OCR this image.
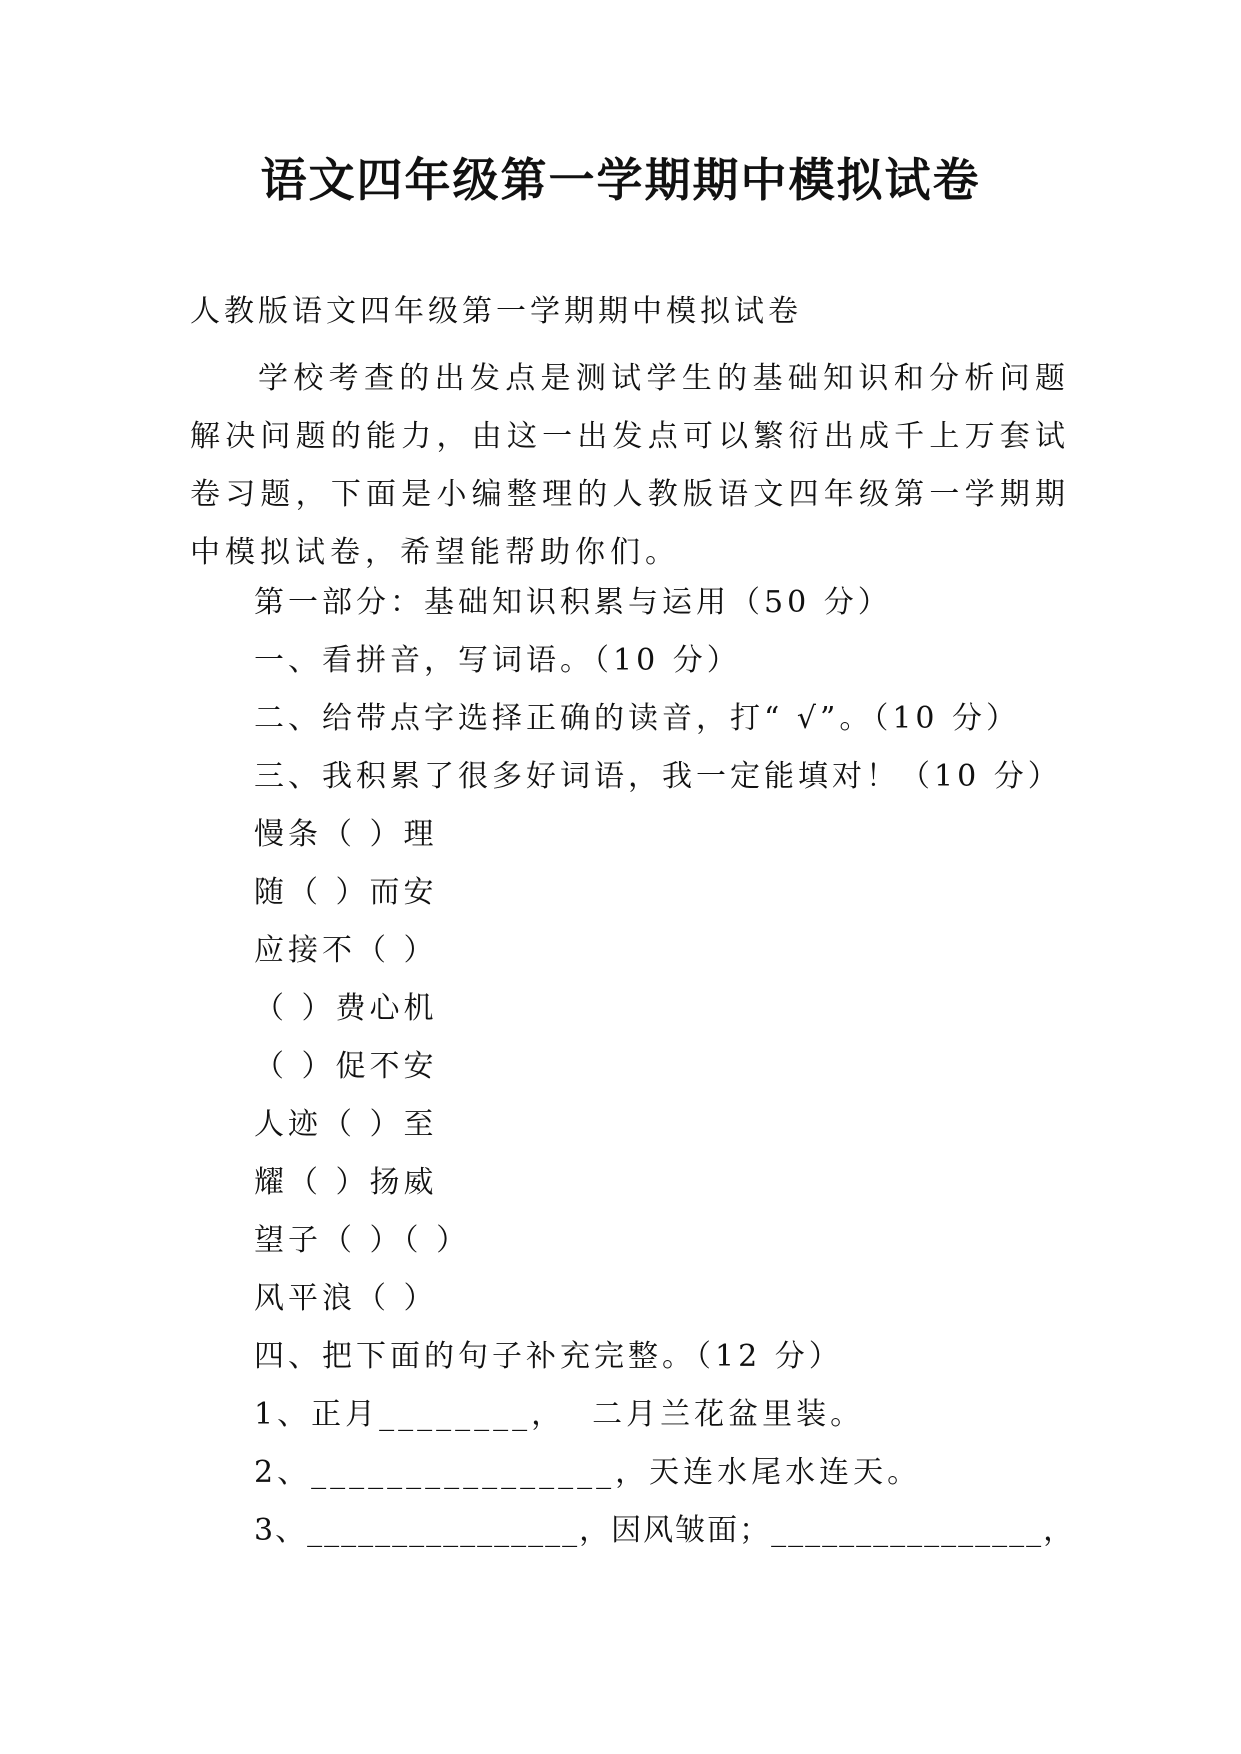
语文四年级第一学期期中模拟试卷
人教版语文四年级第一学期期中模拟试卷
学校考查的出发点是测试学生的基础知识和分析问题解决问题的能力，由这一出发点可以繁衍出成千上万套试卷习题，下面是小编整理的人教版语文四年级第一学期期中模拟试卷，希望能帮助你们。
第一部分：基础知识积累与运用（50 分）
一、看拼音，写词语。（10 分）
二、给带点字选择正确的读音，打“ √”。（10 分）
三、我积累了很多好词语，我一定能填对！（10 分）
慢条（ ）理
随（ ）而安
应接不（ ）
（ ）费心机
（ ）促不安
人迹（ ）至
耀（ ）扬威
望子（ ）（ ）
风平浪（ ）
四、把下面的句子补充完整。（12 分）
1、正月________，  二月兰花盆里装。
2、________________，天连水尾水连天。
3、________________，因风皱面；________________，
